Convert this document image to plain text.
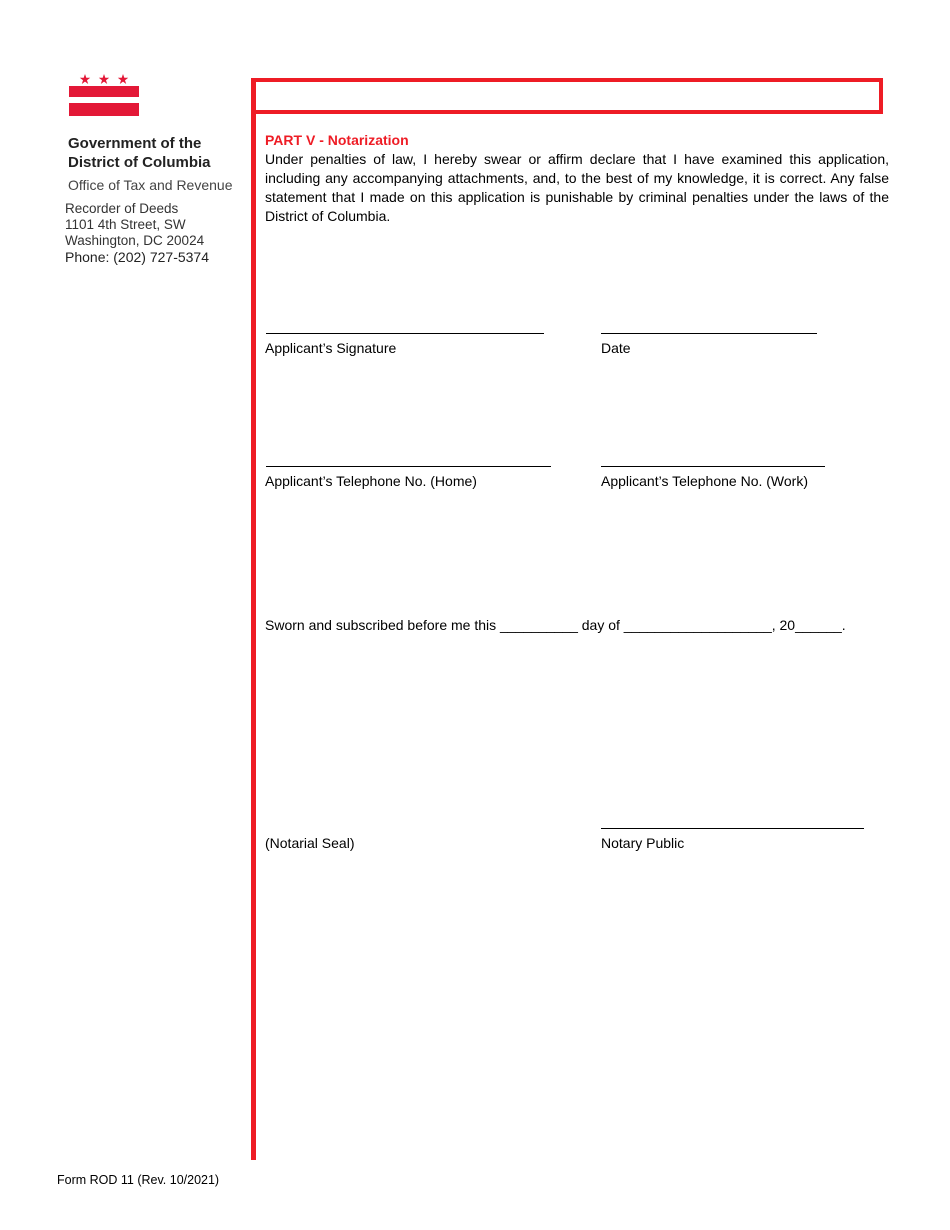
Government of the
District of Columbia
Office of Tax and Revenue
Recorder of Deeds
1101 4th Street, SW
Washington, DC 20024
Phone: (202) 727-5374
PART V - Notarization
Under penalties of law, I hereby swear or affirm declare that I have examined this application, including any accompanying attachments, and, to the best of my knowledge, it is correct. Any false statement that I made on this application is punishable by criminal penalties under the laws of the District of Columbia.
Applicant’s Signature	Date
Applicant’s Telephone No. (Home)	Applicant’s Telephone No. (Work)
Sworn and subscribed before me this __________ day of ___________________, 20______.
(Notarial Seal)	Notary Public
Form ROD 11 (Rev. 10/2021)
